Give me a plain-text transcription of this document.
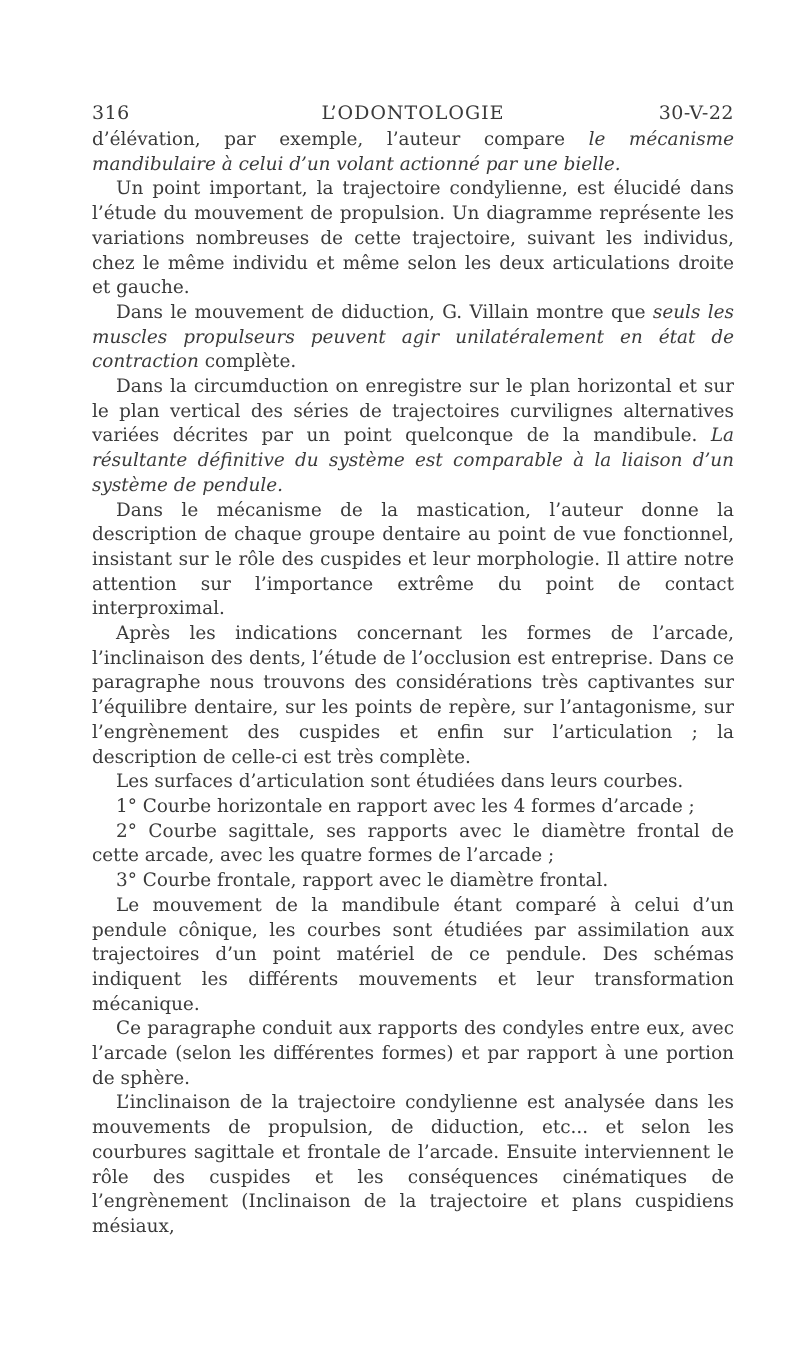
316	L’ODONTOLOGIE	30-V-22

d’élévation, par exemple, l’auteur compare le mécanisme mandibulaire à celui d’un volant actionné par une bielle.

Un point important, la trajectoire condylienne, est élucidé dans l’étude du mouvement de propulsion. Un diagramme représente les variations nombreuses de cette trajectoire, suivant les individus, chez le même individu et même selon les deux articulations droite et gauche.

Dans le mouvement de diduction, G. Villain montre que seuls les muscles propulseurs peuvent agir unilatéralement en état de contraction complète.

Dans la circumduction on enregistre sur le plan horizontal et sur le plan vertical des séries de trajectoires curvilignes alternatives variées décrites par un point quelconque de la mandibule. La résultante définitive du système est comparable à la liaison d’un système de pendule.

Dans le mécanisme de la mastication, l’auteur donne la description de chaque groupe dentaire au point de vue fonctionnel, insistant sur le rôle des cuspides et leur morphologie. Il attire notre attention sur l’importance extrême du point de contact interproximal.

Après les indications concernant les formes de l’arcade, l’inclinaison des dents, l’étude de l’occlusion est entreprise. Dans ce paragraphe nous trouvons des considérations très captivantes sur l’équilibre dentaire, sur les points de repère, sur l’antagonisme, sur l’engrènement des cuspides et enfin sur l’articulation ; la description de celle-ci est très complète.

Les surfaces d’articulation sont étudiées dans leurs courbes.

1° Courbe horizontale en rapport avec les 4 formes d’arcade ;

2° Courbe sagittale, ses rapports avec le diamètre frontal de cette arcade, avec les quatre formes de l’arcade ;

3° Courbe frontale, rapport avec le diamètre frontal.

Le mouvement de la mandibule étant comparé à celui d’un pendule cônique, les courbes sont étudiées par assimilation aux trajectoires d’un point matériel de ce pendule. Des schémas indiquent les différents mouvements et leur transformation mécanique.

Ce paragraphe conduit aux rapports des condyles entre eux, avec l’arcade (selon les différentes formes) et par rapport à une portion de sphère.

L’inclinaison de la trajectoire condylienne est analysée dans les mouvements de propulsion, de diduction, etc... et selon les courbures sagittale et frontale de l’arcade. Ensuite interviennent le rôle des cuspides et les conséquences cinématiques de l’engrènement (Inclinaison de la trajectoire et plans cuspidiens mésiaux,
